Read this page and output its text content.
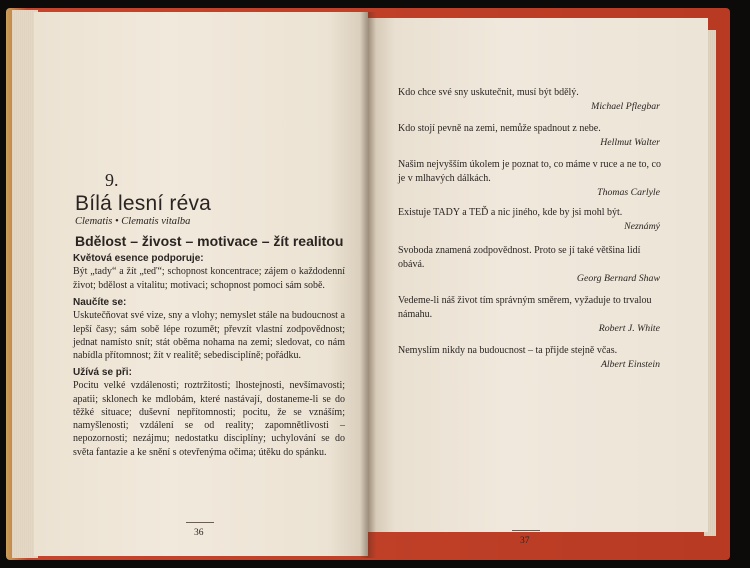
9.
Bílá lesní réva
Clematis • Clematis vitalba
Bdělost – živost – motivace – žít realitou
Květová esence podporuje:
Být „tady“ a žít „teď“; schopnost koncentrace; zájem o každodenní život; bdělost a vitalitu; motivaci; schopnost pomoci sám sobě.
Naučíte se:
Uskutečňovat své vize, sny a vlohy; nemyslet stále na budoucnost a lepší časy; sám sobě lépe rozumět; převzít vlastní zodpovědnost; jednat namísto snít; stát oběma nohama na zemi; sledovat, co nám nabídla přítomnost; žít v realitě; sebedisciplíně; pořádku.
Užívá se při:
Pocitu velké vzdálenosti; roztržitosti; lhostejnosti, nevšímavosti; apatii; sklonech ke mdlobám, které nastávají, dostaneme-li se do těžké situace; duševní nepřítomnosti; pocitu, že se vznáším; namyšlenosti; vzdálení se od reality; zapomnětlivosti – nepozornosti; nezájmu; nedostatku disciplíny; uchylování se do světa fantazie a ke snění s otevřenýma očima; útěku do spánku.
36
Kdo chce své sny uskutečnit, musí být bdělý.
Michael Pflegbar
Kdo stojí pevně na zemi, nemůže spadnout z nebe.
Hellmut Walter
Našim nejvyšším úkolem je poznat to, co máme v ruce a ne to, co je v mlhavých dálkách.
Thomas Carlyle
Existuje TADY a TEĎ a nic jiného, kde by jsi mohl být.
Neznámý
Svoboda znamená zodpovědnost. Proto se jí také většina lidí obává.
Georg Bernard Shaw
Vedeme-li náš život tím správným směrem, vyžaduje to trvalou námahu.
Robert J. White
Nemyslím nikdy na budoucnost – ta přijde stejně včas.
Albert Einstein
37
